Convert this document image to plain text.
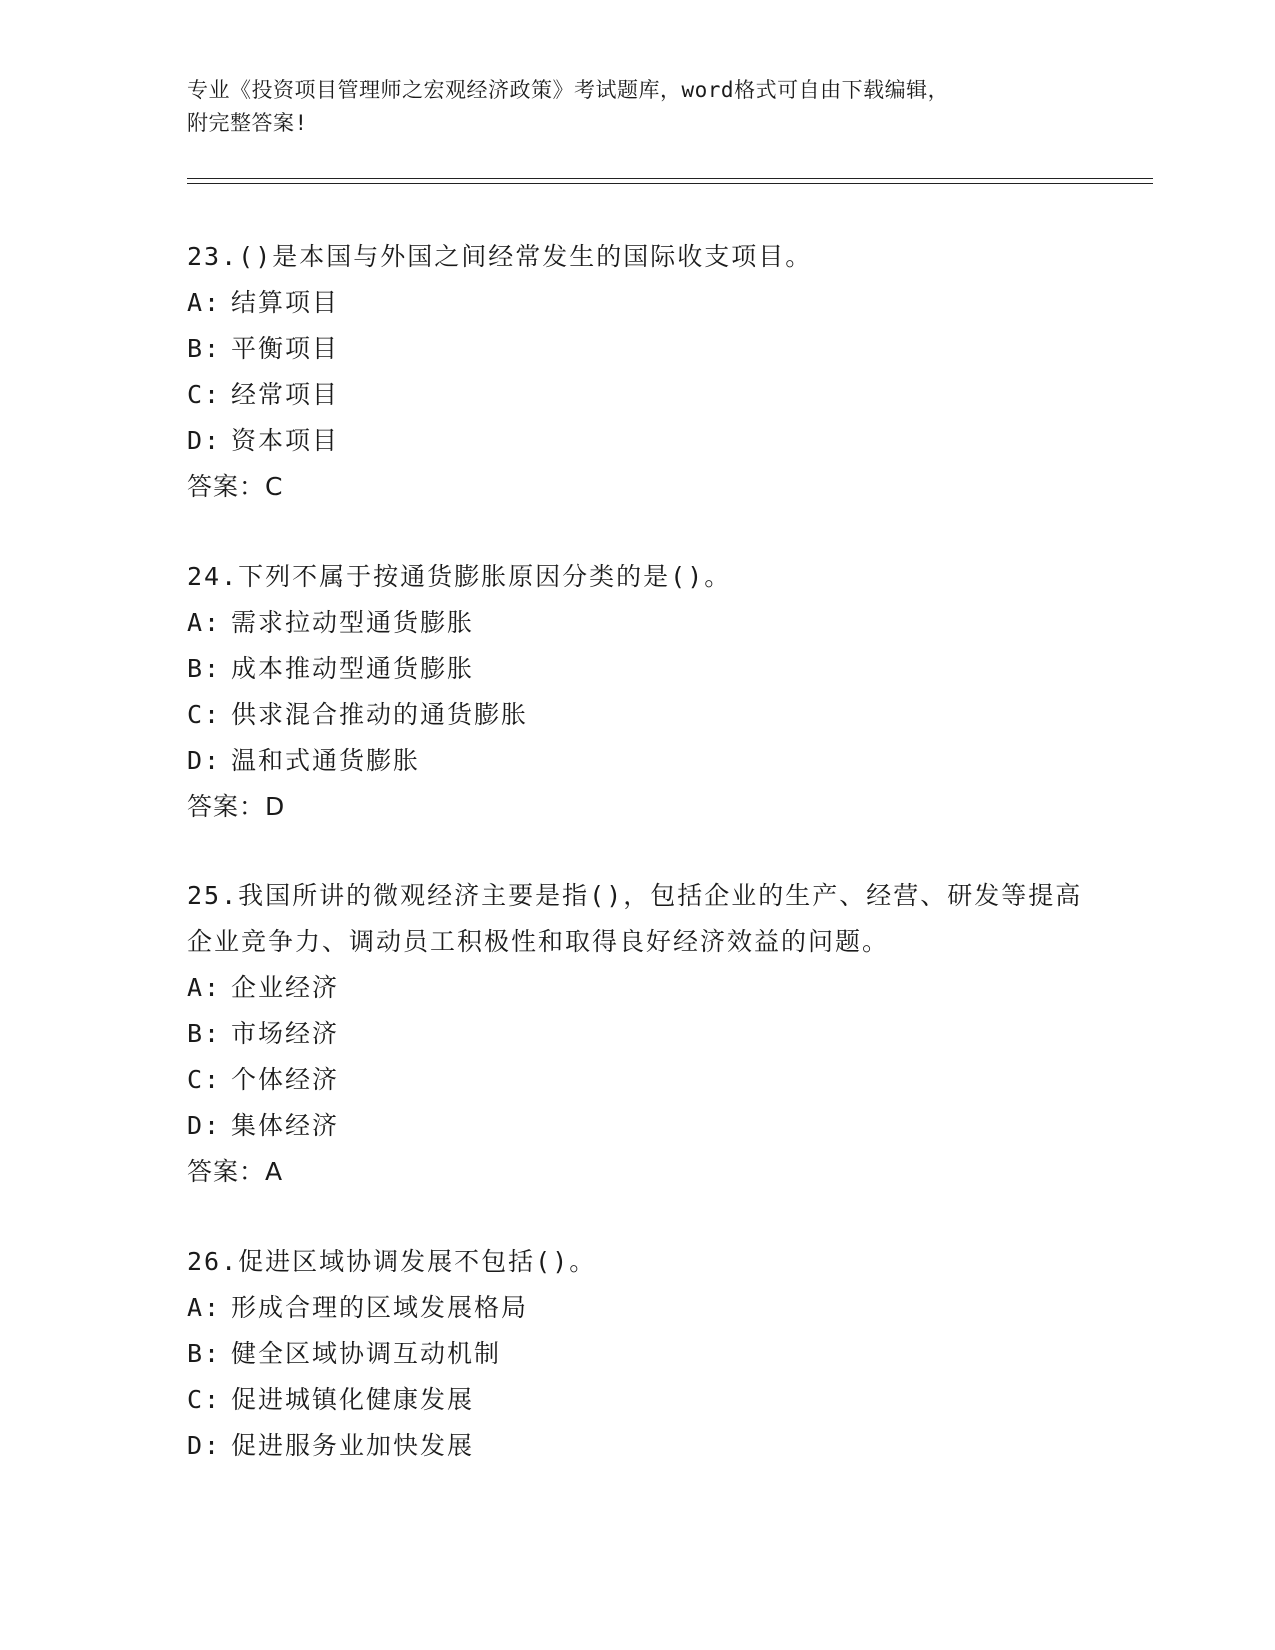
专业《投资项目管理师之宏观经济政策》考试题库，word格式可自由下载编辑，
附完整答案!

23.()是本国与外国之间经常发生的国际收支项目。

A: 结算项目

B: 平衡项目

C: 经常项目

D: 资本项目

答案：C

24.下列不属于按通货膨胀原因分类的是()。

A: 需求拉动型通货膨胀

B: 成本推动型通货膨胀

C: 供求混合推动的通货膨胀

D: 温和式通货膨胀

答案：D

25.我国所讲的微观经济主要是指()，包括企业的生产、经营、研发等提高企业竞争力、调动员工积极性和取得良好经济效益的问题。

A: 企业经济

B: 市场经济

C: 个体经济

D: 集体经济

答案：A

26.促进区域协调发展不包括()。

A: 形成合理的区域发展格局

B: 健全区域协调互动机制

C: 促进城镇化健康发展

D: 促进服务业加快发展
